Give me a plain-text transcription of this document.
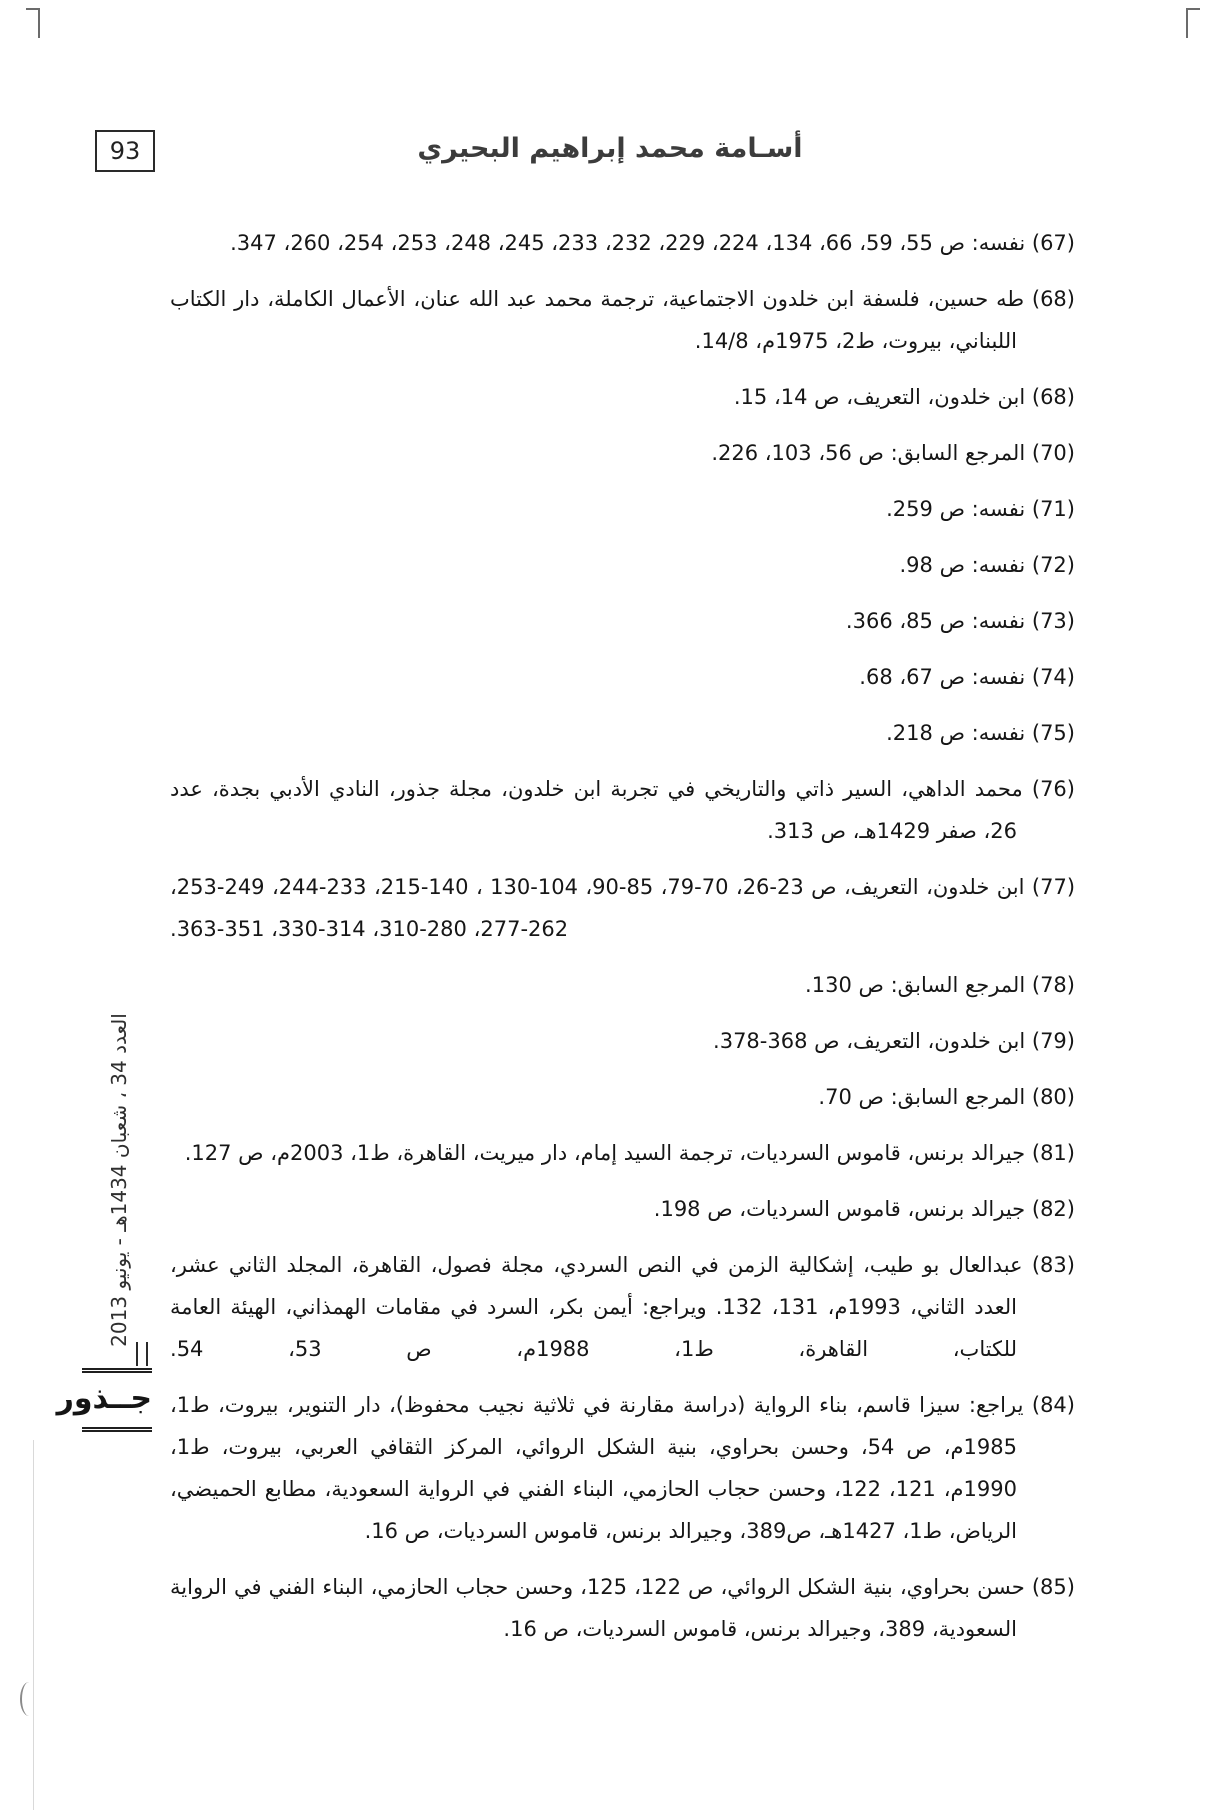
93	أسـامة محمد إبراهيم البحيري
(67) نفسه: ص 55، 59، 66، 134، 224، 229، 232، 233، 245، 248، 253، 254، 260، 347.
(68) طه حسين، فلسفة ابن خلدون الاجتماعية، ترجمة محمد عبد الله عنان، الأعمال الكاملة، دار الكتاب اللبناني، بيروت، ط2، 1975م، 14/8.
(68) ابن خلدون، التعريف، ص 14، 15.
(70) المرجع السابق: ص 56، 103، 226.
(71) نفسه: ص 259.
(72) نفسه: ص 98.
(73) نفسه: ص 85، 366.
(74) نفسه: ص 67، 68.
(75) نفسه: ص 218.
(76) محمد الداهي، السير ذاتي والتاريخي في تجربة ابن خلدون، مجلة جذور، النادي الأدبي بجدة، عدد 26، صفر 1429هـ، ص 313.
(77) ابن خلدون، التعريف، ص 23-26، 70-79، 85-90، 104-130 ، 140-215، 233-244، 249-253، 262-277، 280-310، 314-330، 351-363.
(78) المرجع السابق: ص 130.
(79) ابن خلدون، التعريف، ص 368-378.
(80) المرجع السابق: ص 70.
(81) جيرالد برنس، قاموس السرديات، ترجمة السيد إمام، دار ميريت، القاهرة، ط1، 2003م، ص 127.
(82) جيرالد برنس، قاموس السرديات، ص 198.
(83) عبدالعال بو طيب، إشكالية الزمن في النص السردي، مجلة فصول، القاهرة، المجلد الثاني عشر، العدد الثاني، 1993م، 131، 132. ويراجع: أيمن بكر، السرد في مقامات الهمذاني، الهيئة العامة للكتاب، القاهرة، ط1، 1988م، ص 53، 54.
(84) يراجع: سيزا قاسم، بناء الرواية (دراسة مقارنة في ثلاثية نجيب محفوظ)، دار التنوير، بيروت، ط1، 1985م، ص 54، وحسن بحراوي، بنية الشكل الروائي، المركز الثقافي العربي، بيروت، ط1، 1990م، 121، 122، وحسن حجاب الحازمي، البناء الفني في الرواية السعودية، مطابع الحميضي، الرياض، ط1، 1427هـ، ص389، وجيرالد برنس، قاموس السرديات، ص 16.
(85) حسن بحراوي، بنية الشكل الروائي، ص 122، 125، وحسن حجاب الحازمي، البناء الفني في الرواية السعودية، 389، وجيرالد برنس، قاموس السرديات، ص 16.
العدد 34 ، شعبان 1434هـ - يونيو 2013
جــذور
